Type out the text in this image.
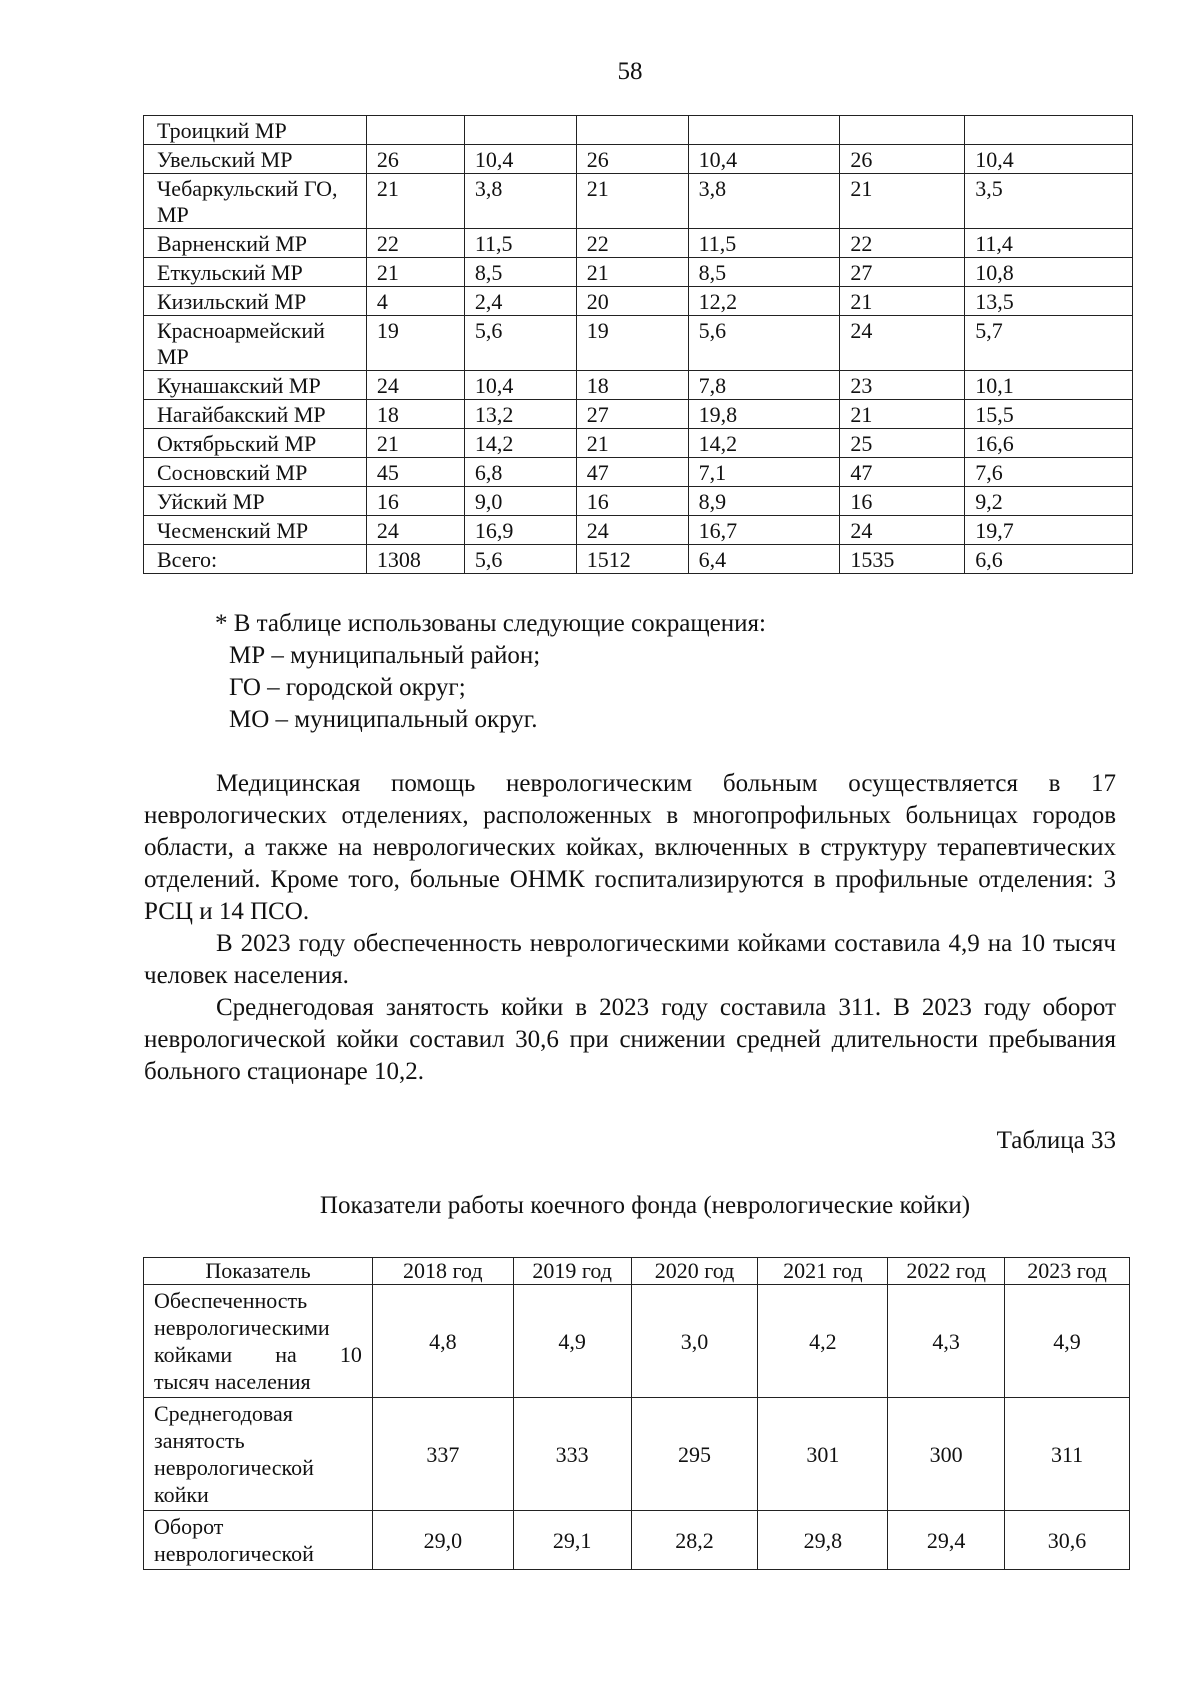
58
Троицкий МР						
Увельский МР	26	10,4	26	10,4	26	10,4
Чебаркульский ГО, МР	21	3,8	21	3,8	21	3,5
Варненский МР	22	11,5	22	11,5	22	11,4
Еткульский МР	21	8,5	21	8,5	27	10,8
Кизильский МР	4	2,4	20	12,2	21	13,5
Красноармейский МР	19	5,6	19	5,6	24	5,7
Кунашакский МР	24	10,4	18	7,8	23	10,1
Нагайбакский МР	18	13,2	27	19,8	21	15,5
Октябрьский МР	21	14,2	21	14,2	25	16,6
Сосновский МР	45	6,8	47	7,1	47	7,6
Уйский МР	16	9,0	16	8,9	16	9,2
Чесменский МР	24	16,9	24	16,7	24	19,7
Всего:	1308	5,6	1512	6,4	1535	6,6
* В таблице использованы следующие сокращения:
МР – муниципальный район;
ГО – городской округ;
МО – муниципальный округ.

Медицинская помощь неврологическим больным осуществляется в 17 неврологических отделениях, расположенных в многопрофильных больницах городов области, а также на неврологических койках, включенных в структуру терапевтических отделений. Кроме того, больные ОНМК госпитализируются в профильные отделения: 3 РСЦ и 14 ПСО.

В 2023 году обеспеченность неврологическими койками составила 4,9 на 10 тысяч человек населения.

Среднегодовая занятость койки в 2023 году составила 311. В 2023 году оборот неврологической койки составил 30,6 при снижении средней длительности пребывания больного стационаре 10,2.

Таблица 33
Показатели работы коечного фонда (неврологические койки)
Показатель	2018 год	2019 год	2020 год	2021 год	2022 год	2023 год

Обеспеченность
неврологическими
койками на 10
тысяч населения	4,8	4,9	3,0	4,2	4,3	4,9

Среднегодовая
занятость
неврологической
койки	337	333	295	301	300	311

Оборот
неврологической	29,0	29,1	28,2	29,8	29,4	30,6
